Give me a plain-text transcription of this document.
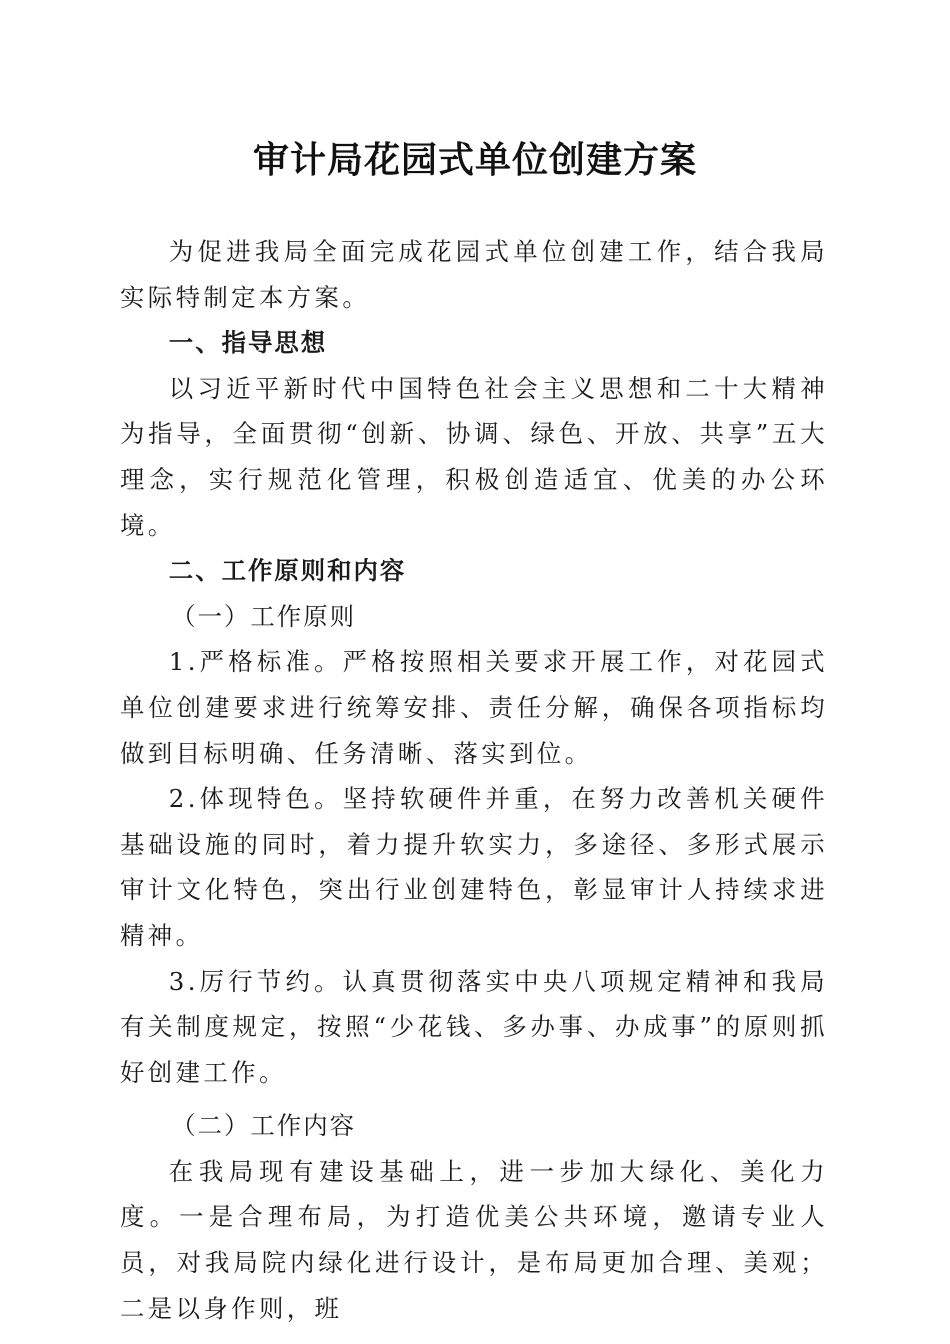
审计局花园式单位创建方案

为促进我局全面完成花园式单位创建工作，结合我局实际特制定本方案。

一、指导思想

以习近平新时代中国特色社会主义思想和二十大精神为指导，全面贯彻“创新、协调、绿色、开放、共享”五大理念，实行规范化管理，积极创造适宜、优美的办公环境。

二、工作原则和内容

（一）工作原则

1.严格标准。严格按照相关要求开展工作，对花园式单位创建要求进行统筹安排、责任分解，确保各项指标均做到目标明确、任务清晰、落实到位。

2.体现特色。坚持软硬件并重，在努力改善机关硬件基础设施的同时，着力提升软实力，多途径、多形式展示审计文化特色，突出行业创建特色，彰显审计人持续求进精神。

3.厉行节约。认真贯彻落实中央八项规定精神和我局有关制度规定，按照“少花钱、多办事、办成事”的原则抓好创建工作。

（二）工作内容

在我局现有建设基础上，进一步加大绿化、美化力度。一是合理布局，为打造优美公共环境，邀请专业人员，对我局院内绿化进行设计，是布局更加合理、美观；二是以身作则，班
